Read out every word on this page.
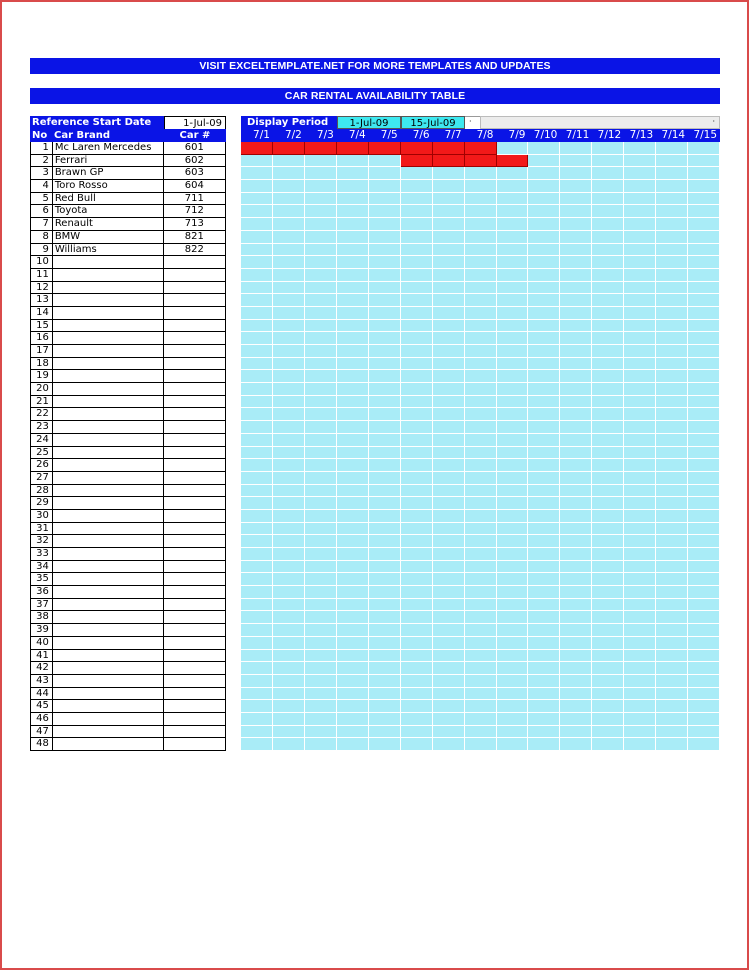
VISIT EXCELTEMPLATE.NET FOR MORE TEMPLATES AND UPDATES
CAR RENTAL AVAILABILITY TABLE
Reference Start Date	1-Jul-09
No Car Brand	Car #
1 Mc Laren Mercedes	601
2 Ferrari	602
3 Brawn GP	603
4 Toro Rosso	604
5 Red Bull	711
6 Toyota	712
7 Renault	713
8 BMW	821
9 Williams	822
10
11
12
13
14
15
16
17
18
19
20
21
22
23
24
25
26
27
28
29
30
31
32
33
34
35
36
37
38
39
40
41
42
43
44
45
46
47
48
Display Period	1-Jul-09	15-Jul-09	·	·
7/1	7/2	7/3	7/4	7/5	7/6	7/7	7/8	7/9 7/10 7/11 7/12 7/13 7/14 7/15
